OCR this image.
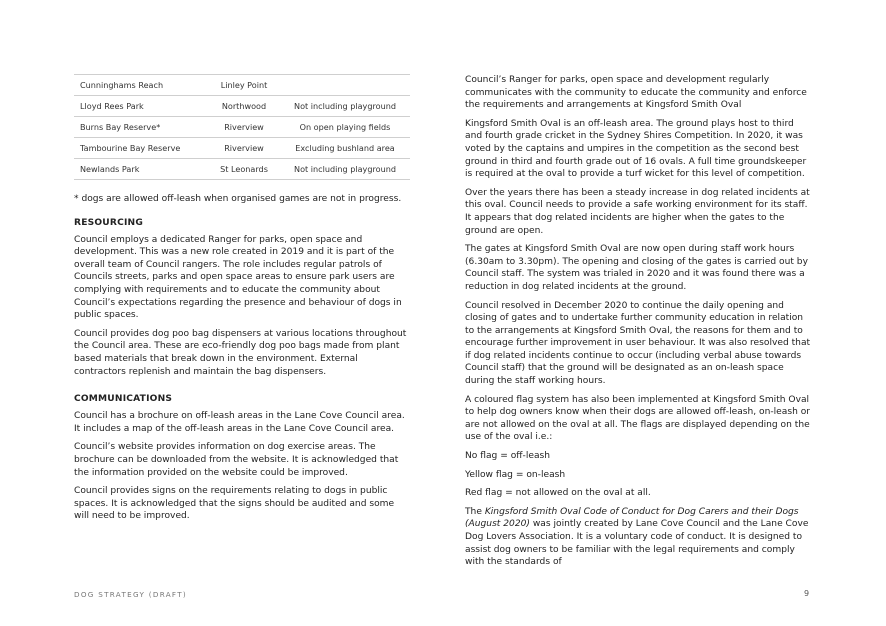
Cunninghams Reach	Linley Point	
Lloyd Rees Park	Northwood	Not including playground
Burns Bay Reserve*	Riverview	On open playing fields
Tambourine Bay Reserve	Riverview	Excluding bushland area
Newlands Park	St Leonards	Not including playground

* dogs are allowed off-leash when organised games are not in progress.

RESOURCING

Council employs a dedicated Ranger for parks, open space and development. This was a new role created in 2019 and it is part of the overall team of Council rangers. The role includes regular patrols of Councils streets, parks and open space areas to ensure park users are complying with requirements and to educate the community about Council’s expectations regarding the presence and behaviour of dogs in public spaces.

Council provides dog poo bag dispensers at various locations throughout the Council area. These are eco-friendly dog poo bags made from plant based materials that break down in the environment. External contractors replenish and maintain the bag dispensers.

COMMUNICATIONS

Council has a brochure on off-leash areas in the Lane Cove Council area. It includes a map of the off-leash areas in the Lane Cove Council area.

Council’s website provides information on dog exercise areas. The brochure can be downloaded from the website. It is acknowledged that the information provided on the website could be improved.

Council provides signs on the requirements relating to dogs in public spaces. It is acknowledged that the signs should be audited and some will need to be improved.

Council’s Ranger for parks, open space and development regularly communicates with the community to educate the community and enforce the requirements and arrangements at Kingsford Smith Oval

Kingsford Smith Oval is an off-leash area. The ground plays host to third and fourth grade cricket in the Sydney Shires Competition. In 2020, it was voted by the captains and umpires in the competition as the second best ground in third and fourth grade out of 16 ovals. A full time groundskeeper is required at the oval to provide a turf wicket for this level of competition.

Over the years there has been a steady increase in dog related incidents at this oval. Council needs to provide a safe working environment for its staff. It appears that dog related incidents are higher when the gates to the ground are open.

The gates at Kingsford Smith Oval are now open during staff work hours (6.30am to 3.30pm). The opening and closing of the gates is carried out by Council staff. The system was trialed in 2020 and it was found there was a reduction in dog related incidents at the ground.

Council resolved in December 2020 to continue the daily opening and closing of gates and to undertake further community education in relation to the arrangements at Kingsford Smith Oval, the reasons for them and to encourage further improvement in user behaviour. It was also resolved that if dog related incidents continue to occur (including verbal abuse towards Council staff) that the ground will be designated as an on-leash space during the staff working hours.

A coloured flag system has also been implemented at Kingsford Smith Oval to help dog owners know when their dogs are allowed off-leash, on-leash or are not allowed on the oval at all. The flags are displayed depending on the use of the oval i.e.:

No flag = off-leash

Yellow flag = on-leash

Red flag = not allowed on the oval at all.

The Kingsford Smith Oval Code of Conduct for Dog Carers and their Dogs (August 2020) was jointly created by Lane Cove Council and the Lane Cove Dog Lovers Association. It is a voluntary code of conduct. It is designed to assist dog owners to be familiar with the legal requirements and comply with the standards of

DOG STRATEGY (DRAFT)	9
